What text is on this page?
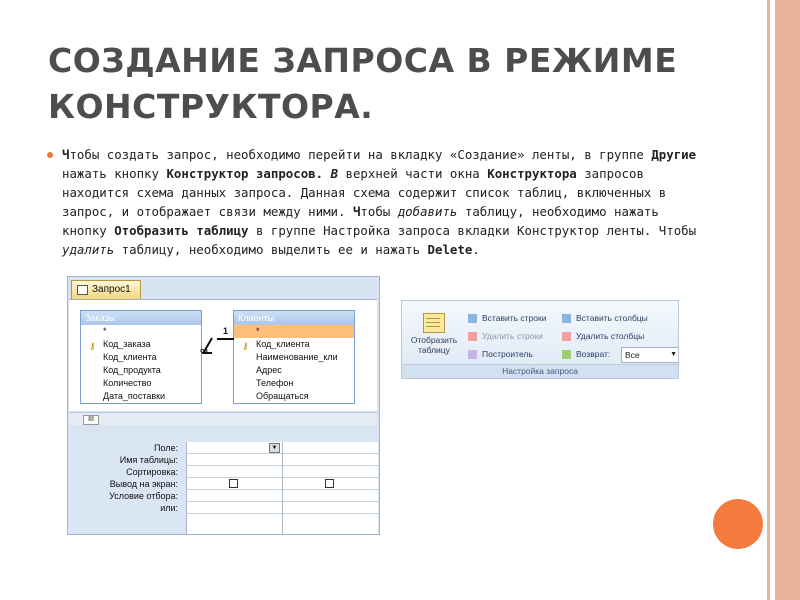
СОЗДАНИЕ ЗАПРОСА В РЕЖИМЕ КОНСТРУКТОРА.
Чтобы создать запрос, необходимо перейти на вкладку «Создание» ленты, в группе Другие нажать кнопку Конструктор запросов. В верхней части окна Конструктора запросов находится схема данных запроса. Данная схема содержит список таблиц, включенных в запрос, и отображает связи между ними. Чтобы добавить таблицу, необходимо нажать кнопку Отобразить таблицу в группе Настройка запроса вкладки Конструктор ленты. Чтобы удалить таблицу, необходимо выделить ее и нажать Delete.
Запрос1
Заказы
*
⚷ Код_заказа
Код_клиента
Код_продукта
Количество
Дата_поставки
Клиенты
*
⚷ Код_клиента
Наименование_кли
Адрес
Телефон
Обращаться
∞
1
III
Поле:
Имя таблицы:
Сортировка:
Вывод на экран:
Условие отбора:
или:
▼
Отобразить таблицу
Вставить строки
Удалить строки
Построитель
Вставить столбцы
Удалить столбцы
Возврат:	Все	▼
Настройка запроса
